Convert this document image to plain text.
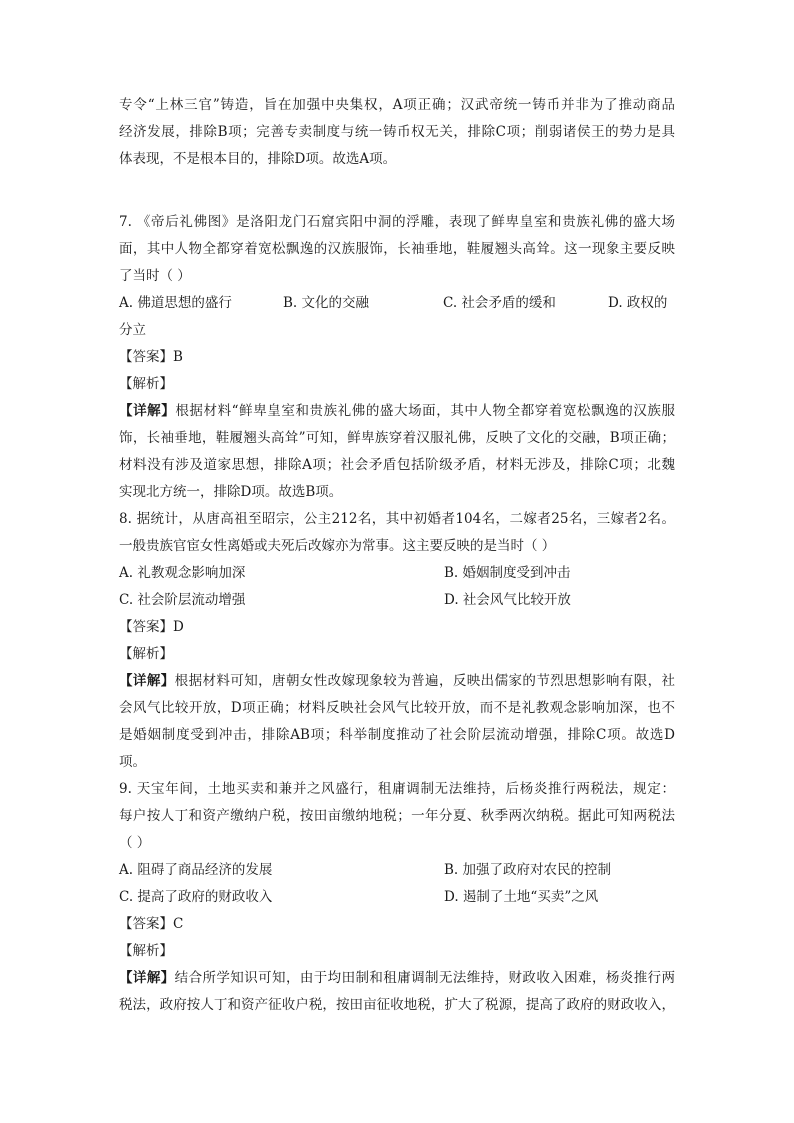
专令“上林三官”铸造，旨在加强中央集权，A项正确；汉武帝统一铸币并非为了推动商品
经济发展，排除B项；完善专卖制度与统一铸币权无关，排除C项；削弱诸侯王的势力是具
体表现，不是根本目的，排除D项。故选A项。
7. 《帝后礼佛图》是洛阳龙门石窟宾阳中洞的浮雕，表现了鲜卑皇室和贵族礼佛的盛大场
面，其中人物全都穿着宽松飘逸的汉族服饰，长袖垂地，鞋履翘头高耸。这一现象主要反映
了当时（ ）
A. 佛道思想的盛行	B. 文化的交融	C. 社会矛盾的缓和	D. 政权的
分立
【答案】B
【解析】
【详解】根据材料“鲜卑皇室和贵族礼佛的盛大场面，其中人物全都穿着宽松飘逸的汉族服
饰，长袖垂地，鞋履翘头高耸”可知，鲜卑族穿着汉服礼佛，反映了文化的交融，B项正确；
材料没有涉及道家思想，排除A项；社会矛盾包括阶级矛盾，材料无涉及，排除C项；北魏
实现北方统一，排除D项。故选B项。
8. 据统计，从唐高祖至昭宗，公主212名，其中初婚者104名，二嫁者25名，三嫁者2名。
一般贵族官宦女性离婚或夫死后改嫁亦为常事。这主要反映的是当时（ ）
A. 礼教观念影响加深	B. 婚姻制度受到冲击
C. 社会阶层流动增强	D. 社会风气比较开放
【答案】D
【解析】
【详解】根据材料可知，唐朝女性改嫁现象较为普遍，反映出儒家的节烈思想影响有限，社
会风气比较开放，D项正确；材料反映社会风气比较开放，而不是礼教观念影响加深，也不
是婚姻制度受到冲击，排除AB项；科举制度推动了社会阶层流动增强，排除C项。故选D
项。
9. 天宝年间，土地买卖和兼并之风盛行，租庸调制无法维持，后杨炎推行两税法，规定：
每户按人丁和资产缴纳户税，按田亩缴纳地税；一年分夏、秋季两次纳税。据此可知两税法
（ ）
A. 阻碍了商品经济的发展	B. 加强了政府对农民的控制
C. 提高了政府的财政收入	D. 遏制了土地“买卖”之风
【答案】C
【解析】
【详解】结合所学知识可知，由于均田制和租庸调制无法维持，财政收入困难，杨炎推行两
税法，政府按人丁和资产征收户税，按田亩征收地税，扩大了税源，提高了政府的财政收入，
